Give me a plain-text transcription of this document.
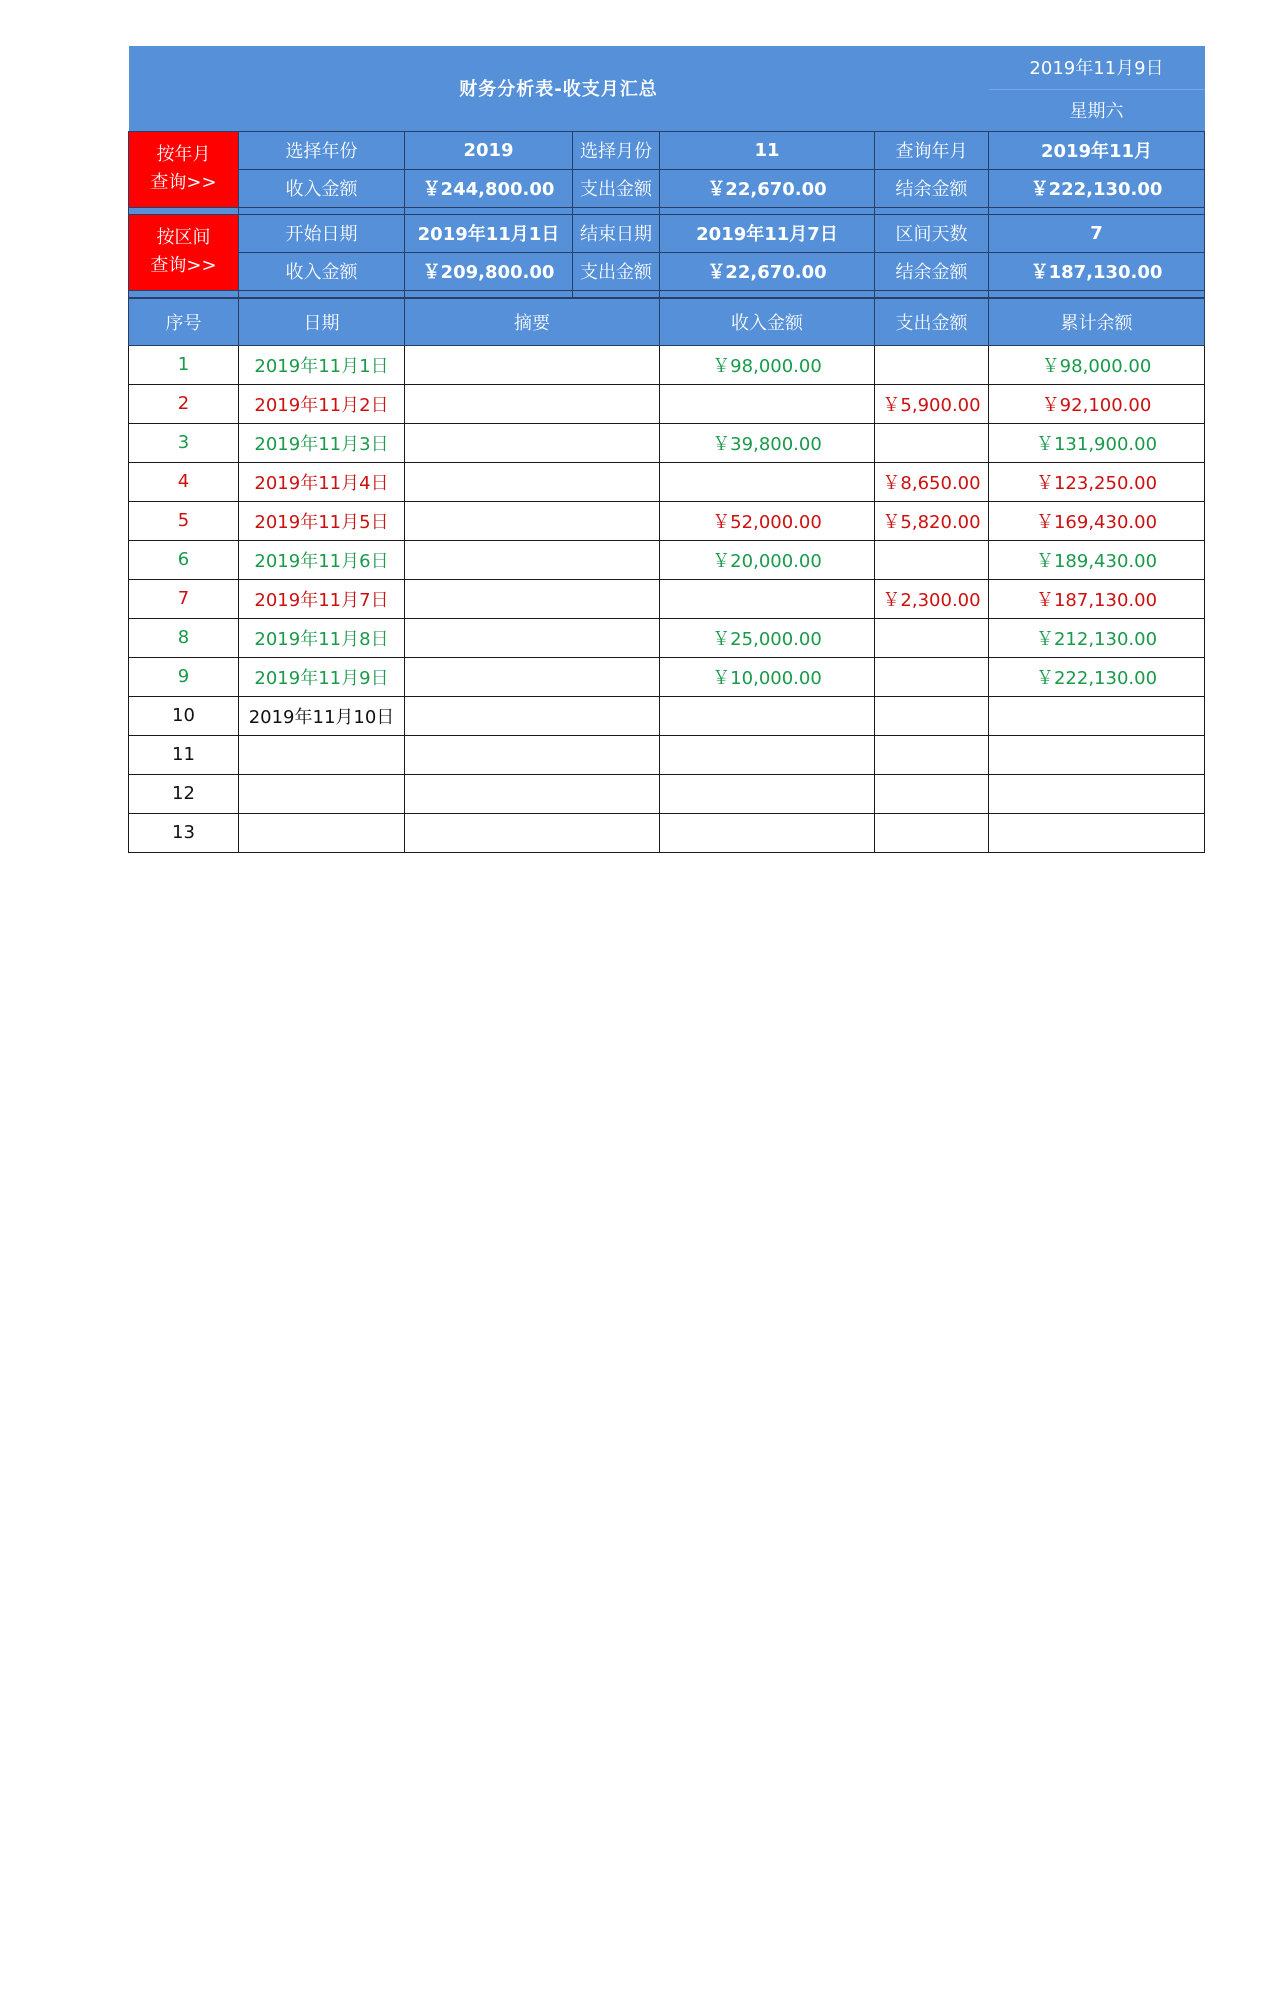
财务分析表-收支月汇总						2019年11月9日
						星期六
按年月
查询>>	选择年份	2019	选择月份	11	查询年月	2019年11月
	收入金额	￥244,800.00	支出金额	￥22,670.00	结余金额	￥222,130.00

按区间
查询>>	开始日期	2019年11月1日	结束日期	2019年11月7日	区间天数	7
	收入金额	￥209,800.00	支出金额	￥22,670.00	结余金额	￥187,130.00

序号	日期	摘要	收入金额	支出金额	累计余额
1	2019年11月1日		￥98,000.00		￥98,000.00
2	2019年11月2日			￥5,900.00	￥92,100.00
3	2019年11月3日		￥39,800.00		￥131,900.00
4	2019年11月4日			￥8,650.00	￥123,250.00
5	2019年11月5日		￥52,000.00	￥5,820.00	￥169,430.00
6	2019年11月6日		￥20,000.00		￥189,430.00
7	2019年11月7日			￥2,300.00	￥187,130.00
8	2019年11月8日		￥25,000.00		￥212,130.00
9	2019年11月9日		￥10,000.00		￥222,130.00
10	2019年11月10日				
11					
12					
13					
